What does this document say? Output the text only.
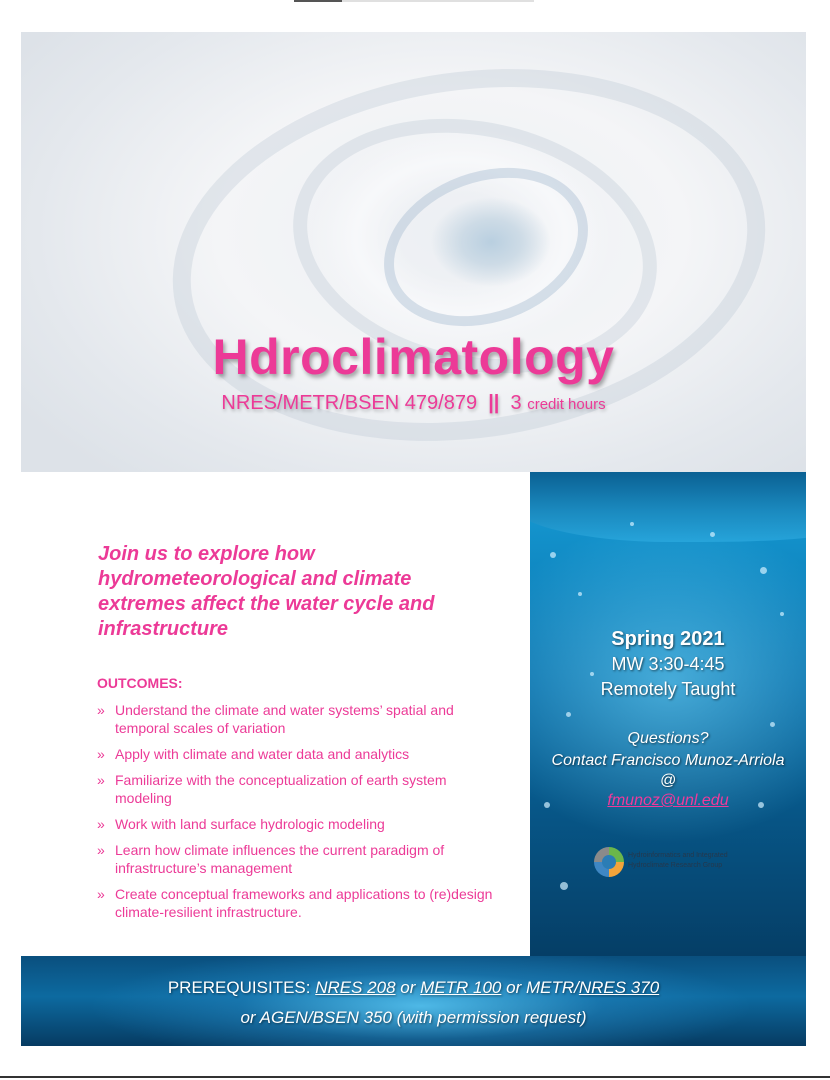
Hdroclimatology
NRES/METR/BSEN 479/879 || 3 credit hours
Join us to explore how hydrometeorological and climate extremes affect the water cycle and infrastructure
OUTCOMES:
» Understand the climate and water systems’ spatial and temporal scales of variation
» Apply with climate and water data and analytics
» Familiarize with the conceptualization of earth system modeling
» Work with land surface hydrologic modeling
» Learn how climate influences the current paradigm of infrastructure’s management
» Create conceptual frameworks and applications to (re)design climate-resilient infrastructure.
Spring 2021
MW 3:30-4:45
Remotely Taught
Questions?
Contact Francisco Munoz-Arriola
@
fmunoz@unl.edu
Hydroinformatics and Integrated Hydroclimate Research Group
PREREQUISITES: NRES 208 or METR 100 or METR/NRES 370
or AGEN/BSEN 350 (with permission request)
